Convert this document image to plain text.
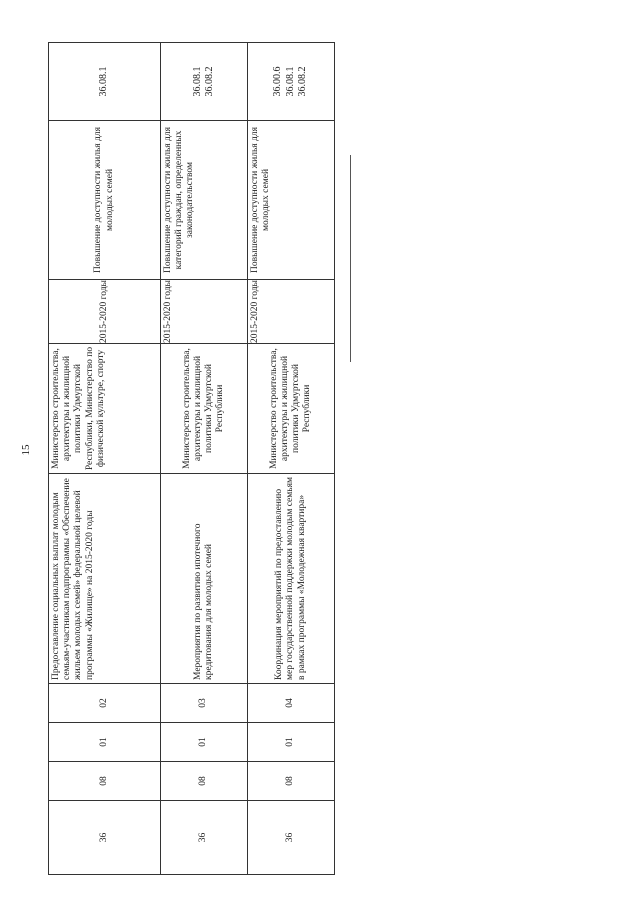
15
36	08	01	02	Предоставление социальных выплат молодым семьям-участникам подпрограммы «Обеспечение жильем молодых семей» федеральной целевой программы «Жилище» на 2015-2020 годы	Министерство строительства, архитектуры и жилищной политики Удмуртской Республики, Министерство по физической культуре, спорту	2015-2020 годы	Повышение доступности жилья для молодых семей	36.08.1

36	08	01	03	Мероприятия по развитию ипотечного кредитования для молодых семей	Министерство строительства, архитектуры и жилищной политики Удмуртской Республики	2015-2020 годы	Повышение доступности жилья для категорий граждан, определенных законодательством	36.08.1 36.08.2

36	08	01	04	Координация мероприятий по предоставлению мер государственной поддержки молодым семьям в рамках программы «Молодежная квартира»	Министерство строительства, архитектуры и жилищной политики Удмуртской Республики	2015-2020 годы	Повышение доступности жилья для молодых семей	36.00.6 36.08.1 36.08.2
